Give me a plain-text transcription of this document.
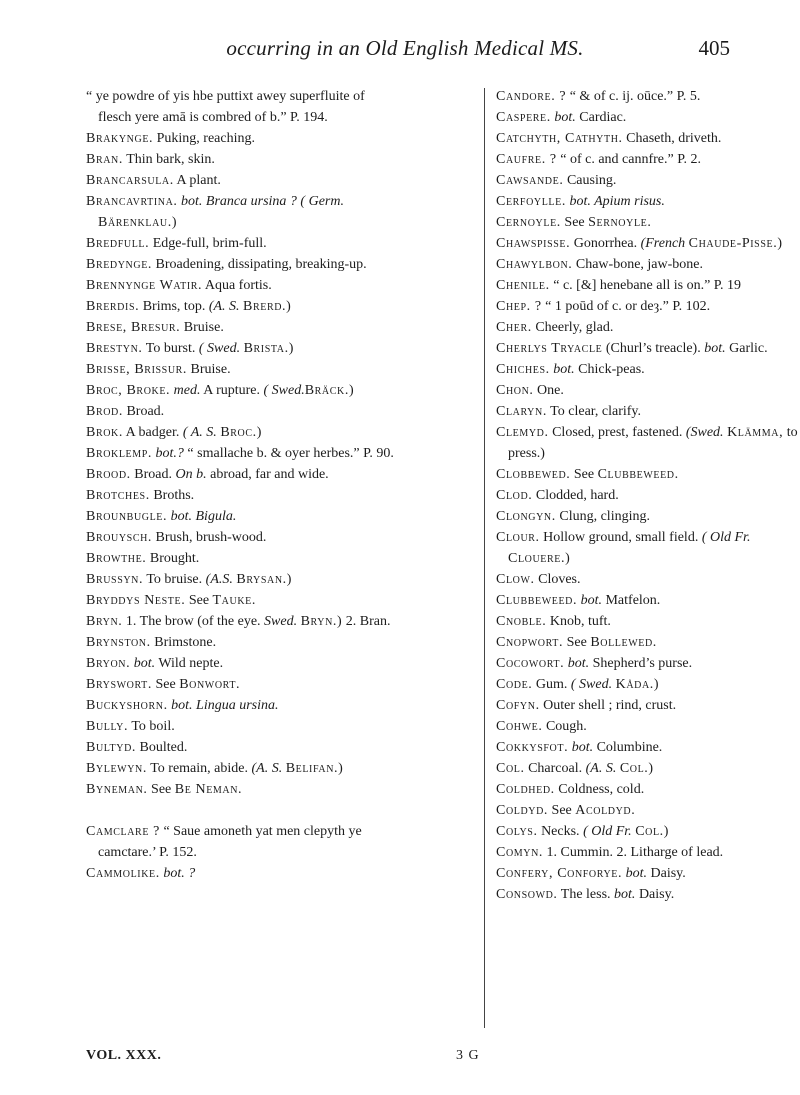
occurring in an Old English Medical MS.	405

“ ye powdre of yis hbe puttixt awey superfluite of flesch yere amā is combred of b.” P. 194.

Brakynge. Puking, reaching.

Bran. Thin bark, skin.

Brancarsula. A plant.

Brancavrtina. bot. Branca ursina ? ( Germ. Bärenklau.)

Bredfull. Edge-full, brim-full.

Bredynge. Broadening, dissipating, breaking-up.

Brennynge Watir. Aqua fortis.

Brerdis. Brims, top. (A. S. Brerd.)

Brese, Bresur. Bruise.

Brestyn. To burst. ( Swed. Brista.)

Brisse, Brissur. Bruise.

Broc, Broke. med. A rupture. ( Swed.Bräck.)

Brod. Broad.

Brok. A badger. ( A. S. Broc.)

Broklemp. bot.? “ smallache b. & oyer herbes.” P. 90.

Brood. Broad. On b. abroad, far and wide.

Brotches. Broths.

Brounbugle. bot. Bigula.

Brouysch. Brush, brush-wood.

Browthe. Brought.

Brussyn. To bruise. (A.S. Brysan.)

Bryddys Neste. See Tauke.

Bryn. 1. The brow (of the eye. Swed. Bryn.) 2. Bran.

Brynston. Brimstone.

Bryon. bot. Wild nepte.

Bryswort. See Bonwort.

Buckyshorn. bot. Lingua ursina.

Bully. To boil.

Bultyd. Boulted.

Bylewyn. To remain, abide. (A. S. Belifan.)

Byneman. See Be Neman.

Camclare ? “ Saue amoneth yat men clepyth ye camctare.’ P. 152.

Cammolike. bot. ?

Candore. ? “ & of c. ij. oūce.” P. 5.

Caspere. bot. Cardiac.

Catchyth, Cathyth. Chaseth, driveth.

Caufre. ? “ of c. and cannfre.” P. 2.

Cawsande. Causing.

Cerfoylle. bot. Apium risus.

Cernoyle. See Sernoyle.

Chawspisse. Gonorrhea. (French Chaude-Pisse.)

Chawylbon. Chaw-bone, jaw-bone.

Chenile. “ c. [&] henebane all is on.” P. 19

Chep. ? “ 1 poūd of c. or deȝ.” P. 102.

Cher. Cheerly, glad.

Cherlys Tryacle (Churl’s treacle). bot. Garlic.

Chiches. bot. Chick-peas.

Chon. One.

Claryn. To clear, clarify.

Clemyd. Closed, prest, fastened. (Swed. Klämma, to press.)

Clobbewed. See Clubbeweed.

Clod. Clodded, hard.

Clongyn. Clung, clinging.

Clour. Hollow ground, small field. ( Old Fr. Clouere.)

Clow. Cloves.

Clubbeweed. bot. Matfelon.

Cnoble. Knob, tuft.

Cnopwort. See Bollewed.

Cocowort. bot. Shepherd’s purse.

Code. Gum. ( Swed. Kåda.)

Cofyn. Outer shell ; rind, crust.

Cohwe. Cough.

Cokkysfot. bot. Columbine.

Col. Charcoal. (A. S. Col.)

Coldhed. Coldness, cold.

Coldyd. See Acoldyd.

Colys. Necks. ( Old Fr. Col.)

Comyn. 1. Cummin. 2. Litharge of lead.

Confery, Conforye. bot. Daisy.

Consowd. The less. bot. Daisy.

VOL. XXX.	3 G
